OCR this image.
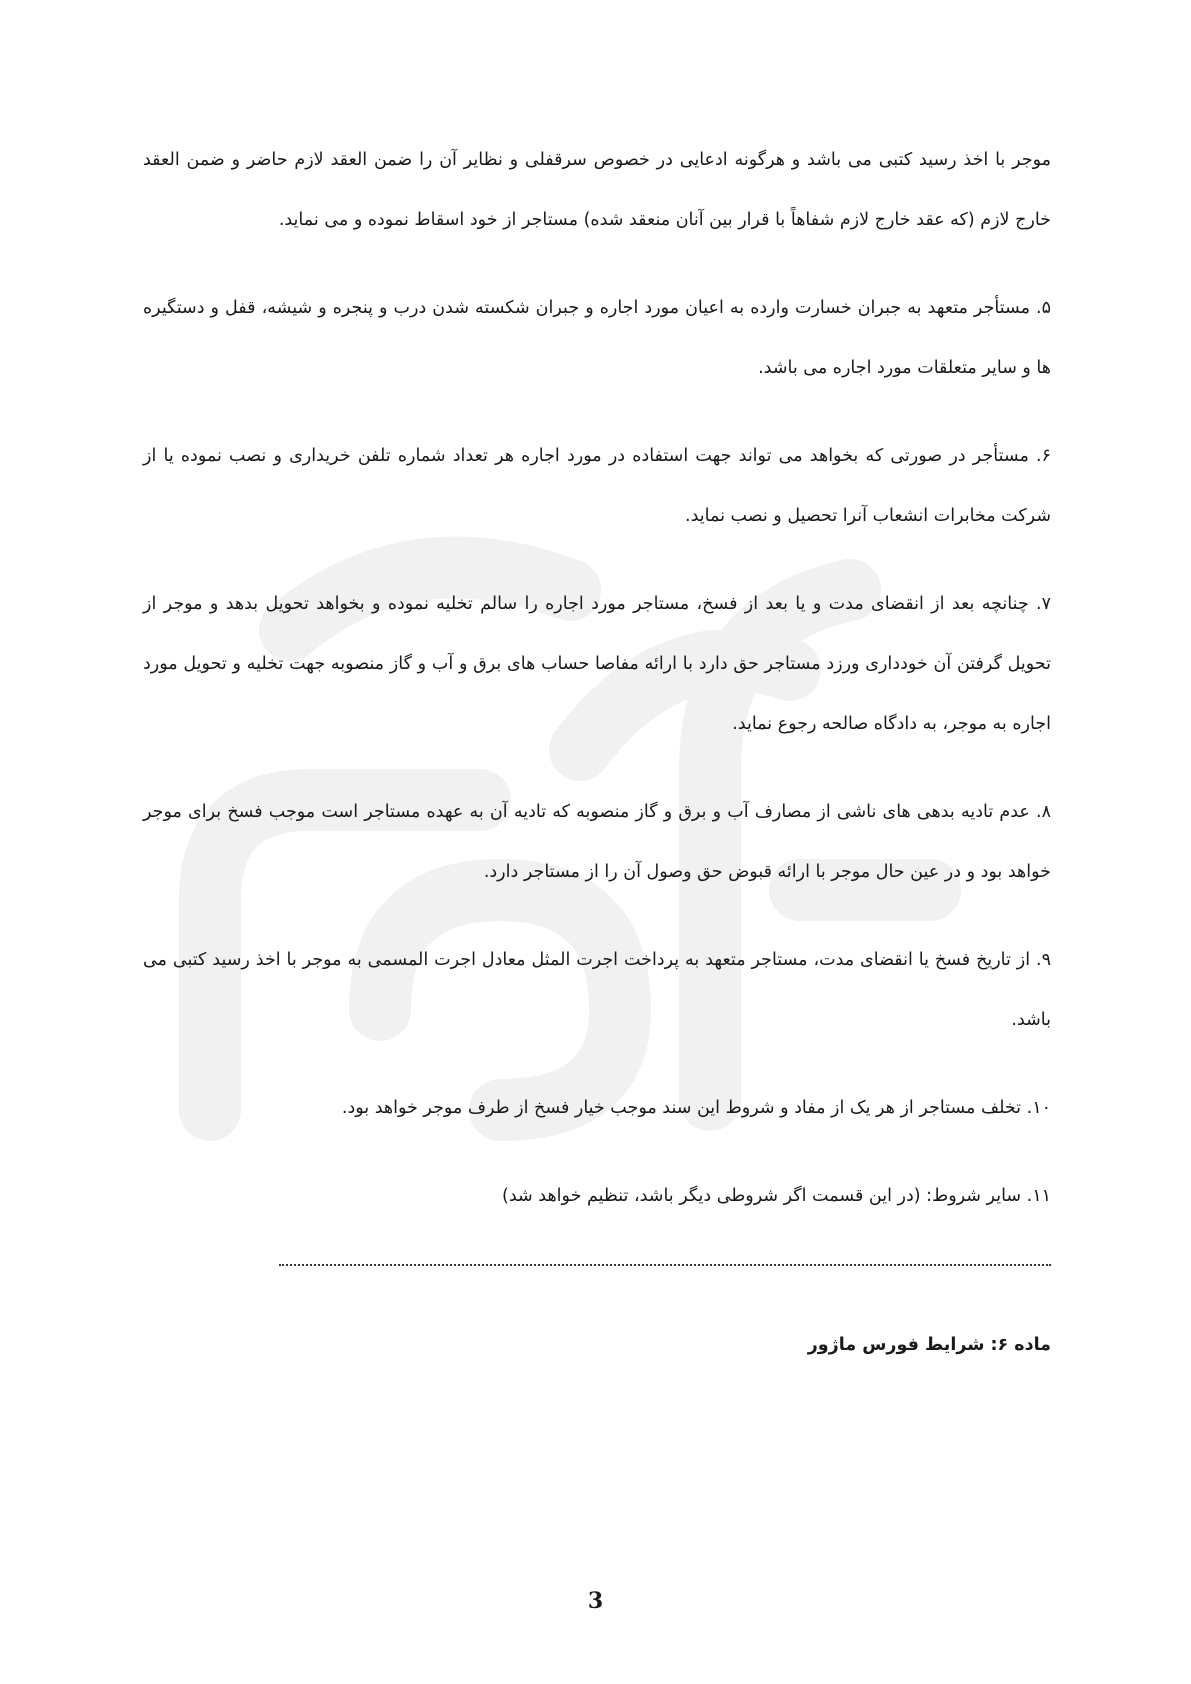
موجر با اخذ رسید کتبی می باشد و هرگونه ادعایی در خصوص سرقفلی و نظایر آن را ضمن العقد لازم حاضر و ضمن العقد خارج لازم (که عقد خارج لازم شفاهاً با قرار بین آنان منعقد شده) مستاجر از خود اسقاط نموده و می نماید.

۵. مستأجر متعهد به جبران خسارت وارده به اعیان مورد اجاره و جبران شکسته شدن درب و پنجره و شیشه، قفل و دستگیره ها و سایر متعلقات مورد اجاره می باشد.

۶. مستأجر در صورتی که بخواهد می تواند جهت استفاده در مورد اجاره هر تعداد شماره تلفن خریداری و نصب نموده یا از شرکت مخابرات انشعاب آنرا تحصیل و نصب نماید.

۷. چنانچه بعد از انقضای مدت و یا بعد از فسخ، مستاجر مورد اجاره را سالم تخلیه نموده و بخواهد تحویل بدهد و موجر از تحویل گرفتن آن خودداری ورزد مستاجر حق دارد با ارائه مفاصا حساب های برق و آب و گاز منصوبه جهت تخلیه و تحویل مورد اجاره به موجر، به دادگاه صالحه رجوع نماید.

۸. عدم تادیه بدهی های ناشی از مصارف آب و برق و گاز منصوبه که تادیه آن به عهده مستاجر است موجب فسخ برای موجر خواهد بود و در عین حال موجر با ارائه قبوض حق وصول آن را از مستاجر دارد.

۹. از تاریخ فسخ یا انقضای مدت، مستاجر متعهد به پرداخت اجرت المثل معادل اجرت المسمی به موجر با اخذ رسید کتبی می باشد.

۱۰. تخلف مستاجر از هر یک از مفاد و شروط این سند موجب خیار فسخ از طرف موجر خواهد بود.

۱۱. سایر شروط: (در این قسمت اگر شروطی دیگر باشد، تنظیم خواهد شد)

ماده ۶: شرایط فورس ماژور
3
